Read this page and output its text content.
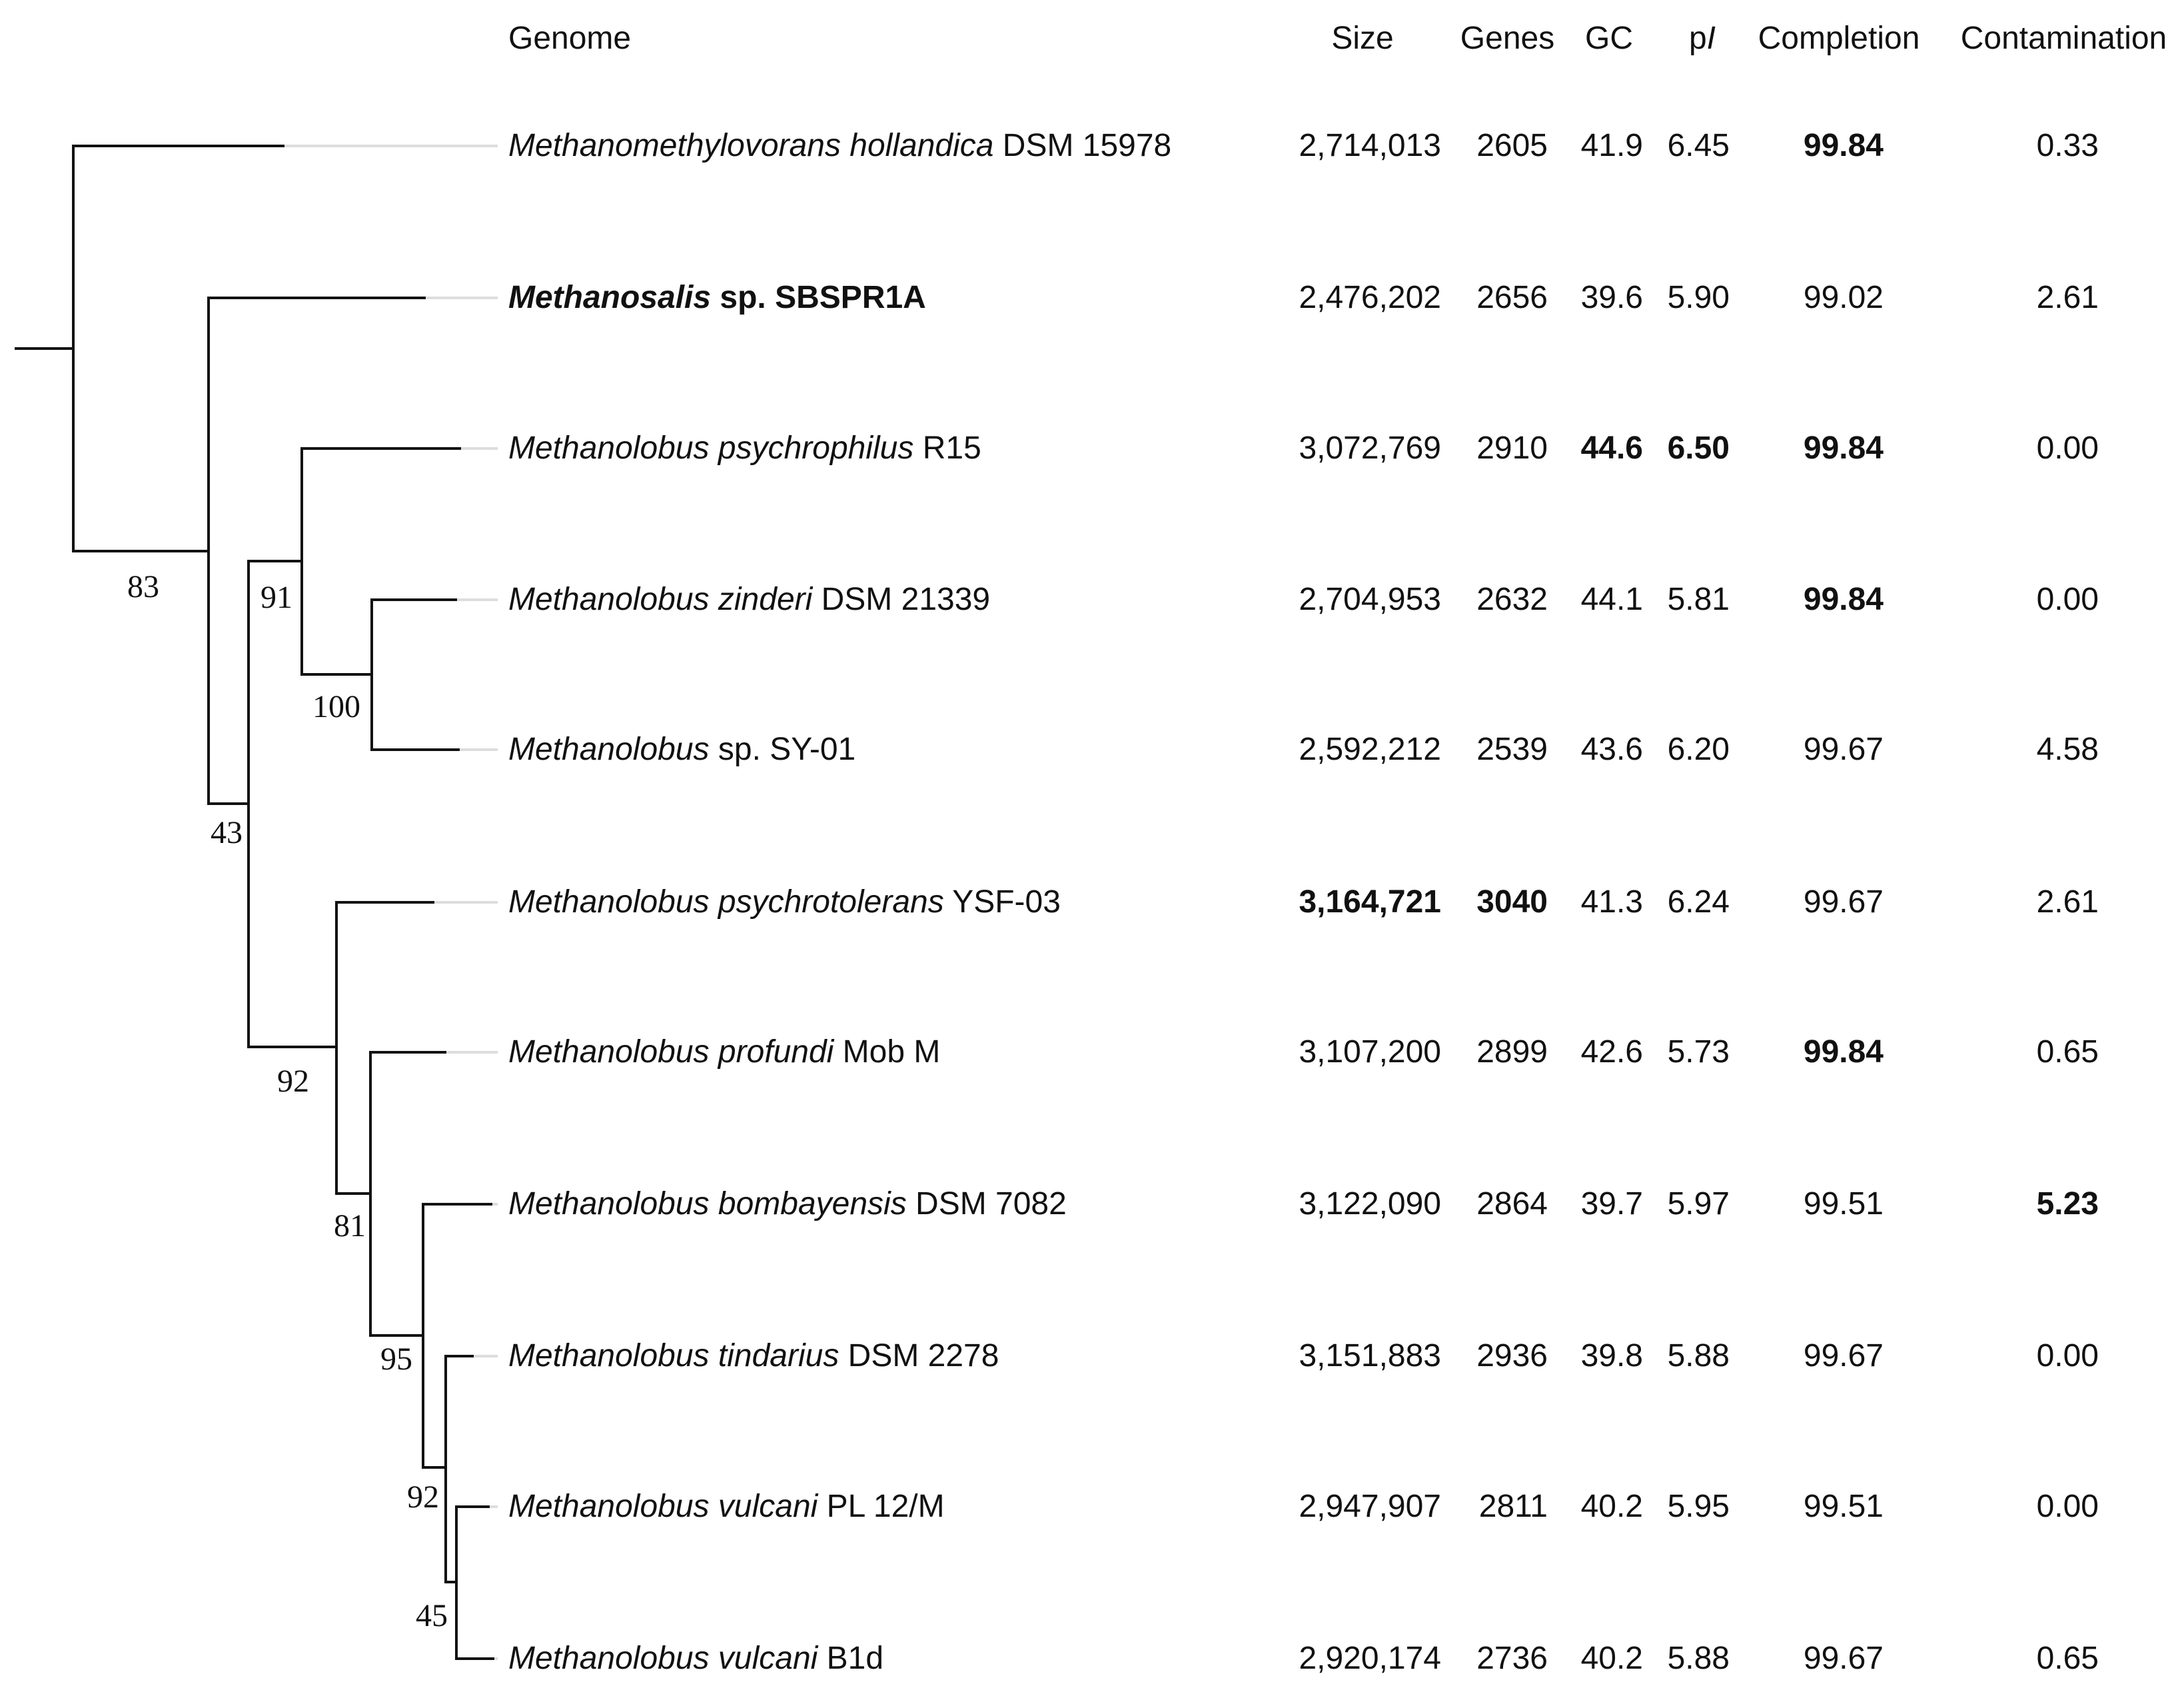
83
43
91
100
92
81
95
92
45
Genome	Size Genes GC	pI	Completion	Contamination
Methanomethylovorans hollandica DSM 15978	2,714,013	2605	41.9 6.45	99.84	0.33
Methanosalis sp. SBSPR1A	2,476,202	2656	39.6 5.90	99.02	2.61
Methanolobus psychrophilus R15	3,072,769	2910	44.6 6.50	99.84	0.00
Methanolobus zinderi DSM 21339	2,704,953	2632	44.1 5.81	99.84	0.00
Methanolobus sp. SY-01	2,592,212	2539	43.6 6.20	99.67	4.58
Methanolobus psychrotolerans YSF-03	3,164,721	3040	41.3 6.24	99.67	2.61
Methanolobus profundi Mob M	3,107,200	2899	42.6 5.73	99.84	0.65
Methanolobus bombayensis DSM 7082	3,122,090	2864	39.7 5.97	99.51	5.23
Methanolobus tindarius DSM 2278	3,151,883	2936	39.8 5.88	99.67	0.00
Methanolobus vulcani PL 12/M	2,947,907	2811	40.2 5.95	99.51	0.00
Methanolobus vulcani B1d	2,920,174	2736	40.2 5.88	99.67	0.65
